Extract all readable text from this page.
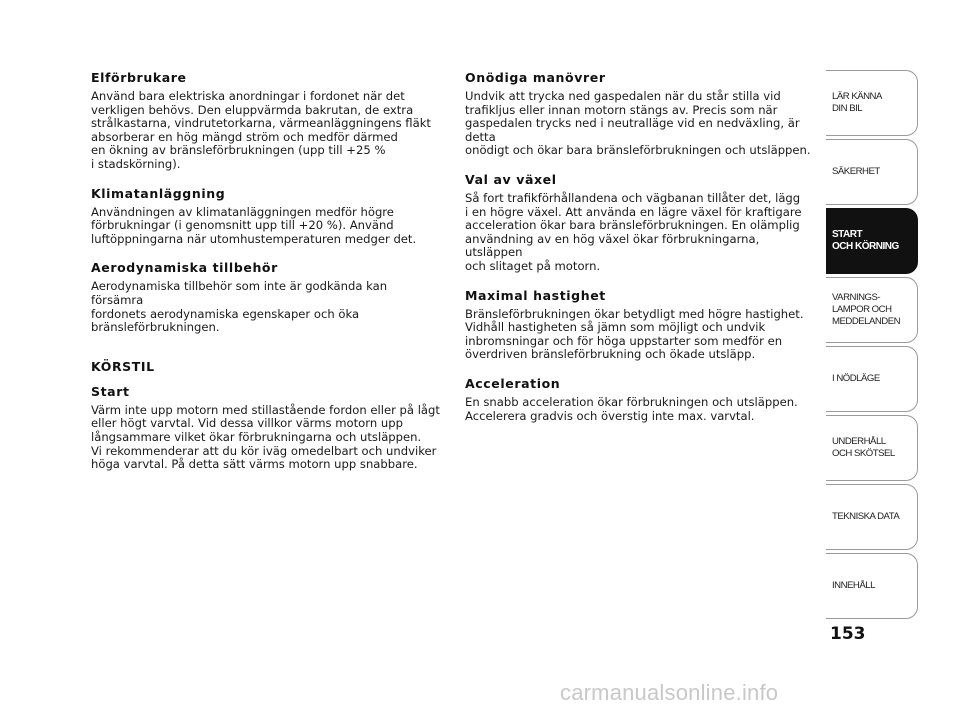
Elförbrukare

Använd bara elektriska anordningar i fordonet när det
verkligen behövs. Den eluppvärmda bakrutan, de extra
strålkastarna, vindrutetorkarna, värmeanläggningens fläkt
absorberar en hög mängd ström och medför därmed
en ökning av bränsleförbrukningen (upp till +25 %
i stadskörning).

Klimatanläggning

Användningen av klimatanläggningen medför högre
förbrukningar (i genomsnitt upp till +20 %). Använd
luftöppningarna när utomhustemperaturen medger det.

Aerodynamiska tillbehör

Aerodynamiska tillbehör som inte är godkända kan försämra
fordonets aerodynamiska egenskaper och öka
bränsleförbrukningen.

KÖRSTIL
Start

Värm inte upp motorn med stillastående fordon eller på lågt
eller högt varvtal. Vid dessa villkor värms motorn upp
långsammare vilket ökar förbrukningarna och utsläppen.
Vi rekommenderar att du kör iväg omedelbart och undviker
höga varvtal. På detta sätt värms motorn upp snabbare.

Onödiga manövrer

Undvik att trycka ned gaspedalen när du står stilla vid
trafikljus eller innan motorn stängs av. Precis som när
gaspedalen trycks ned i neutralläge vid en nedväxling, är detta
onödigt och ökar bara bränsleförbrukningen och utsläppen.

Val av växel

Så fort trafikförhållandena och vägbanan tillåter det, lägg
i en högre växel. Att använda en lägre växel för kraftigare
acceleration ökar bara bränsleförbrukningen. En olämplig
användning av en hög växel ökar förbrukningarna, utsläppen
och slitaget på motorn.

Maximal hastighet

Bränsleförbrukningen ökar betydligt med högre hastighet.
Vidhåll hastigheten så jämn som möjligt och undvik
inbromsningar och för höga uppstarter som medför en
överdriven bränsleförbrukning och ökade utsläpp.

Acceleration

En snabb acceleration ökar förbrukningen och utsläppen.
Accelerera gradvis och överstig inte max. varvtal.

LÄR KÄNNA
DIN BIL
SÄKERHET
START
OCH KÖRNING
VARNINGS-
LAMPOR OCH
MEDDELANDEN
I NÖDLÄGE
UNDERHÅLL
OCH SKÖTSEL
TEKNISKA DATA
INNEHÅLL
153
carmanualsonline.info
